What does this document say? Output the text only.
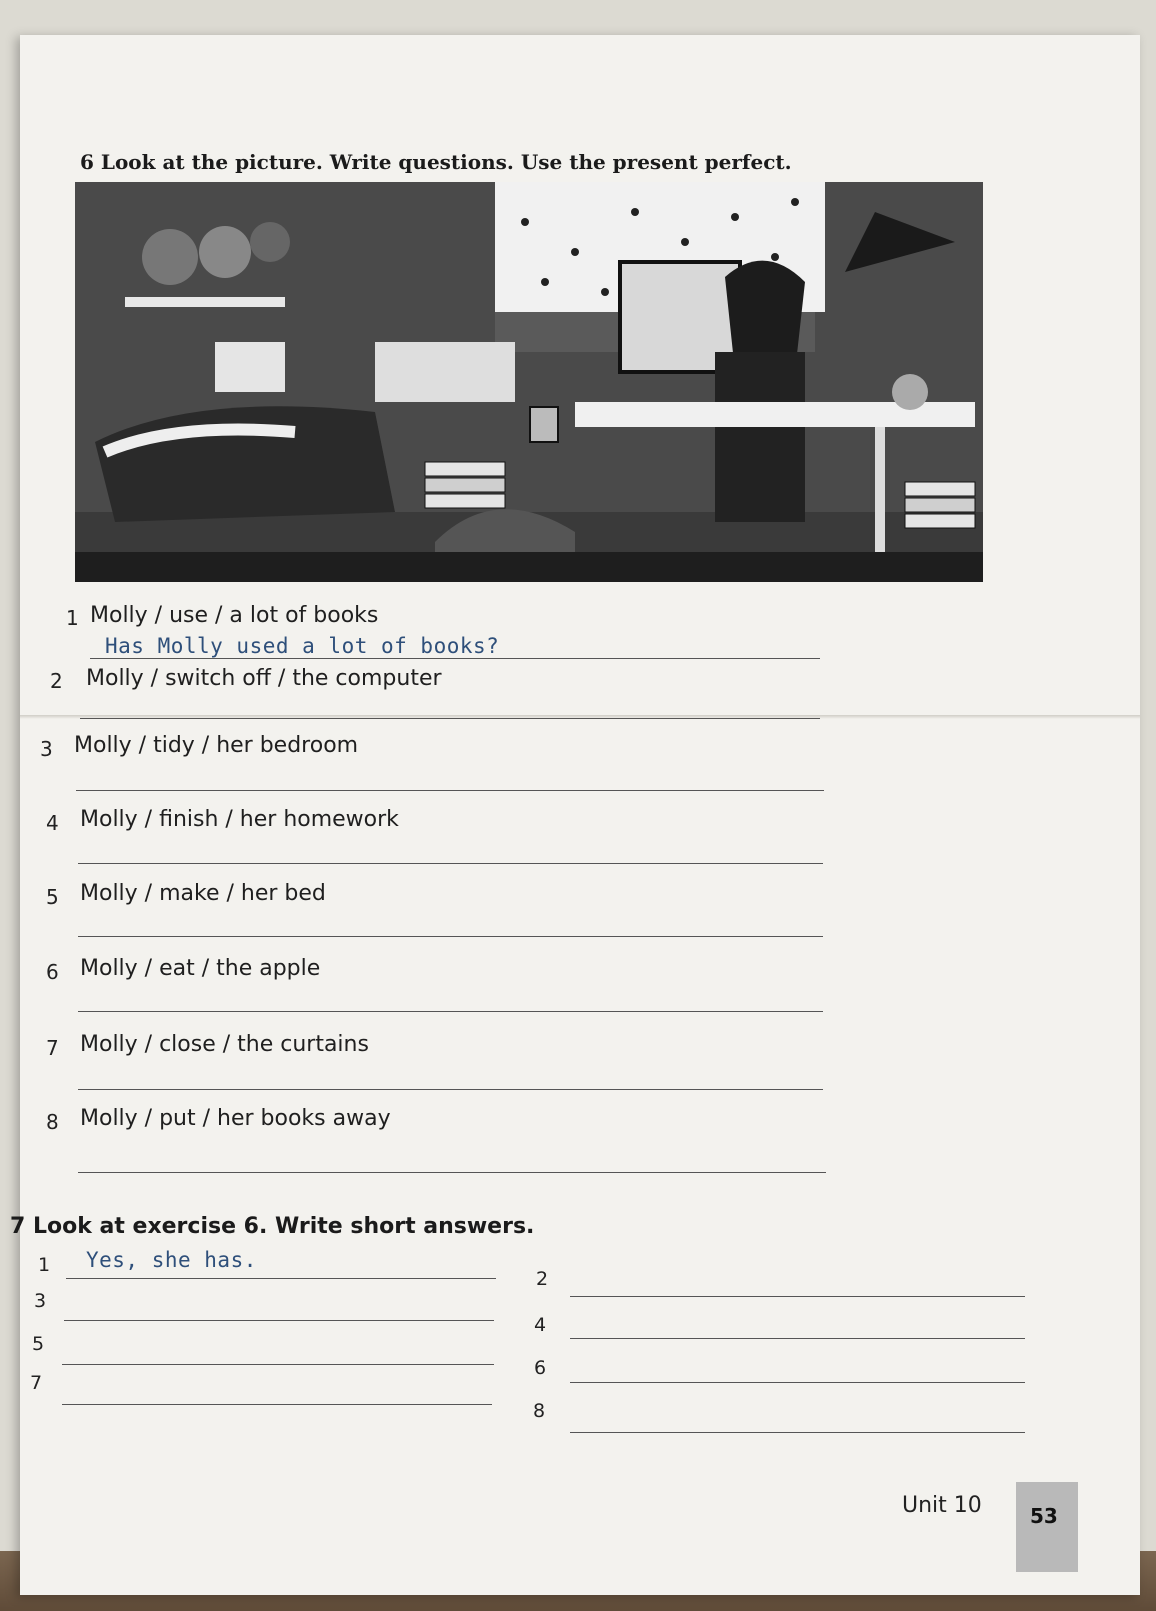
6 Look at the picture. Write questions. Use the present perfect.
1 Molly / use / a lot of books
Has Molly used a lot of books?
2 Molly / switch off / the computer
3 Molly / tidy / her bedroom
4 Molly / finish / her homework
5 Molly / make / her bed
6 Molly / eat / the apple
7 Molly / close / the curtains
8 Molly / put / her books away
7 Look at exercise 6. Write short answers.
1 Yes, she has.
2
3
4
5
6
7
8
Unit 10 53
